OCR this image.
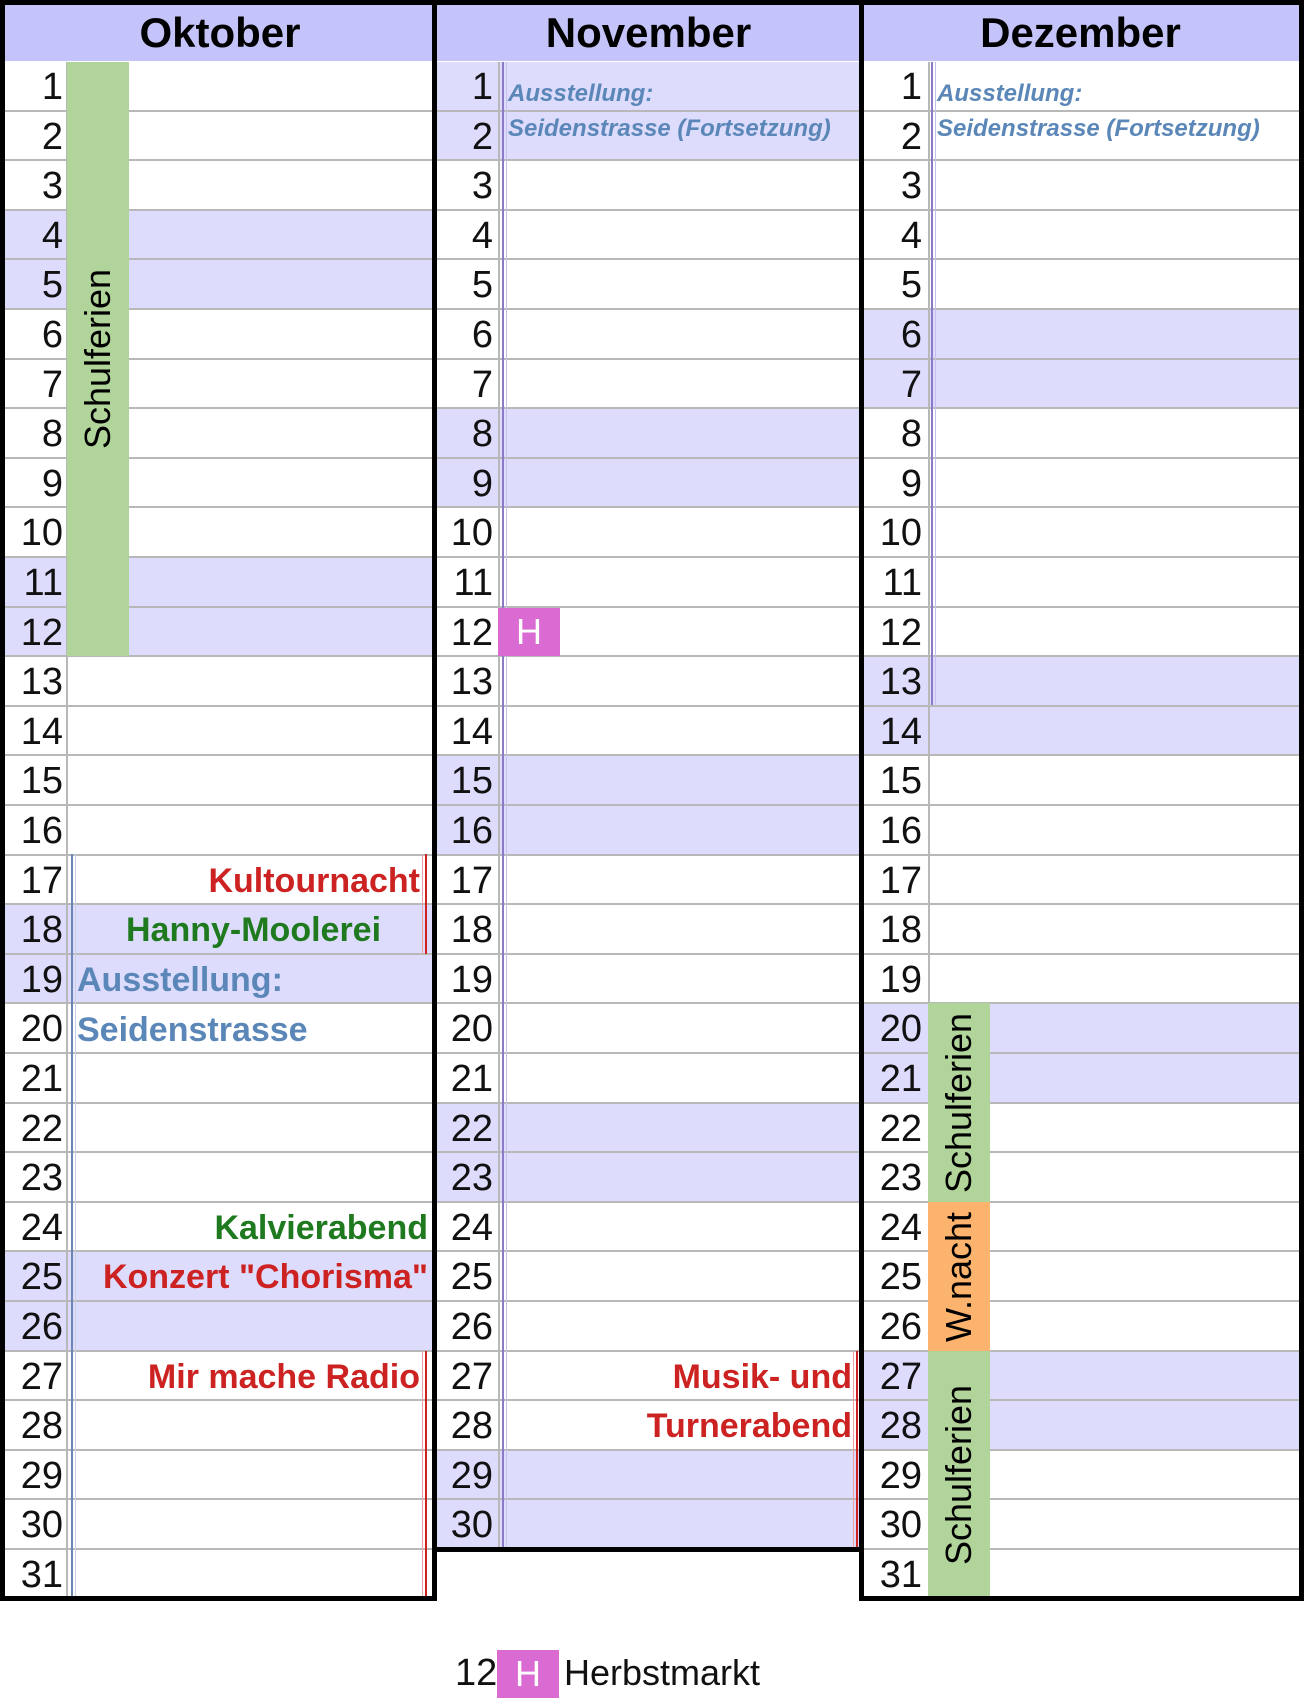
Oktober	November	Dezember
1
2
3
4
5
6
7
8
9
10
11
12
13
14
15
16
17
18
19
20
21
22
23
24
25
26
27
28
29
30
31
1
2
3
4
5
6
7
8
9
10
11
12
13
14
15
16
17
18
19
20
21
22
23
24
25
26
27
28
29
30
1
2
3
4
5
6
7
8
9
10
11
12
13
14
15
16
17
18
19
20
21
22
23
24
25
26
27
28
29
30
31
Schulferien
Kultournacht
Hanny-Moolerei
Ausstellung:
Seidenstrasse
Kalvierabend
Konzert "Chorisma"
Mir mache Radio
Ausstellung:
Seidenstrasse (Fortsetzung)
H
Musik- und
Turnerabend
Ausstellung:
Seidenstrasse (Fortsetzung)
Schulferien
W.nacht
Schulferien
12 H Herbstmarkt
